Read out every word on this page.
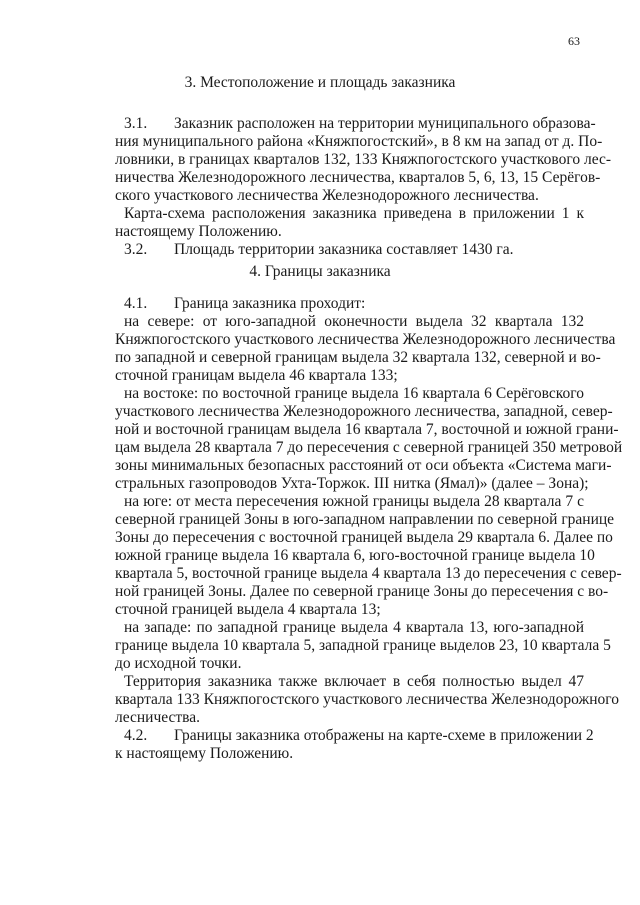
63
3. Местоположение и площадь заказника
3.1. Заказник расположен на территории муниципального образова-
ния муниципального района «Княжпогостский», в 8 км на запад от д. По-
ловники, в границах кварталов 132, 133 Княжпогостского участкового лес-
ничества Железнодорожного лесничества, кварталов 5, 6, 13, 15 Серёгов-
ского участкового лесничества Железнодорожного лесничества.
Карта-схема расположения заказника приведена в приложении 1 к
настоящему Положению.
3.2. Площадь территории заказника составляет 1430 га.
4. Границы заказника
4.1. Граница заказника проходит:
на севере: от юго-западной оконечности выдела 32 квартала 132
Княжпогостского участкового лесничества Железнодорожного лесничества
по западной и северной границам выдела 32 квартала 132, северной и во-
сточной границам выдела 46 квартала 133;
на востоке: по восточной границе выдела 16 квартала 6 Серёговского
участкового лесничества Железнодорожного лесничества, западной, север-
ной и восточной границам выдела 16 квартала 7, восточной и южной грани-
цам выдела 28 квартала 7 до пересечения с северной границей 350 метровой
зоны минимальных безопасных расстояний от оси объекта «Система маги-
стральных газопроводов Ухта-Торжок. III нитка (Ямал)» (далее – Зона);
на юге: от места пересечения южной границы выдела 28 квартала 7 с
северной границей Зоны в юго-западном направлении по северной границе
Зоны до пересечения с восточной границей выдела 29 квартала 6. Далее по
южной границе выдела 16 квартала 6, юго-восточной границе выдела 10
квартала 5, восточной границе выдела 4 квартала 13 до пересечения с север-
ной границей Зоны. Далее по северной границе Зоны до пересечения с во-
сточной границей выдела 4 квартала 13;
на западе: по западной границе выдела 4 квартала 13, юго-западной
границе выдела 10 квартала 5, западной границе выделов 23, 10 квартала 5
до исходной точки.
Территория заказника также включает в себя полностью выдел 47
квартала 133 Княжпогостского участкового лесничества Железнодорожного
лесничества.
4.2. Границы заказника отображены на карте-схеме в приложении 2
к настоящему Положению.
